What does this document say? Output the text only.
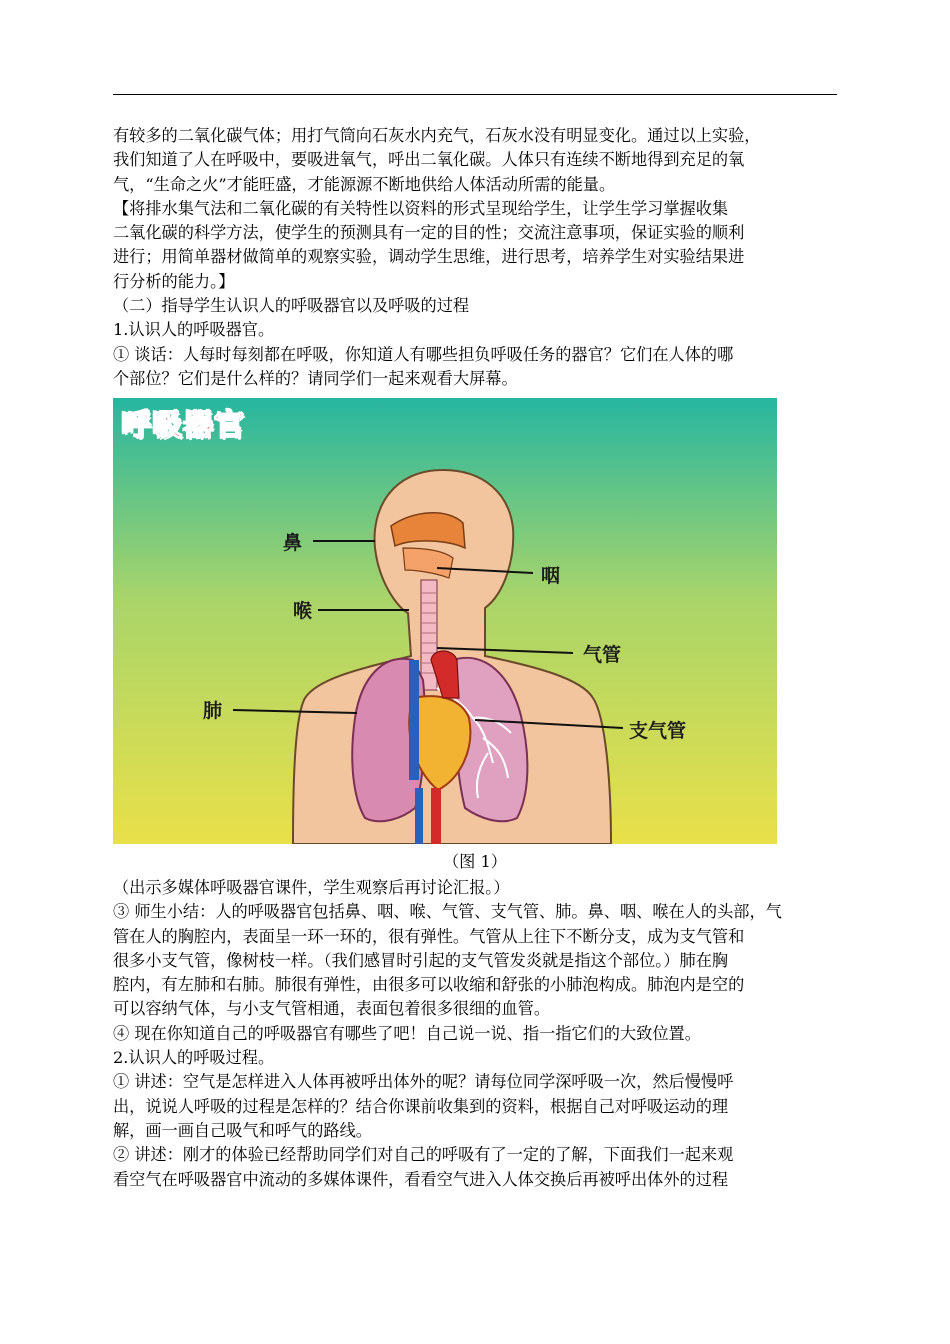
有较多的二氧化碳气体；用打气筒向石灰水内充气，石灰水没有明显变化。通过以上实验，
我们知道了人在呼吸中，要吸进氧气，呼出二氧化碳。人体只有连续不断地得到充足的氧
气，“生命之火”才能旺盛，才能源源不断地供给人体活动所需的能量。
【将排水集气法和二氧化碳的有关特性以资料的形式呈现给学生，让学生学习掌握收集
二氧化碳的科学方法，使学生的预测具有一定的目的性；交流注意事项，保证实验的顺利
进行；用简单器材做简单的观察实验，调动学生思维，进行思考，培养学生对实验结果进
行分析的能力。】
（二）指导学生认识人的呼吸器官以及呼吸的过程
1.认识人的呼吸器官。
① 谈话：人每时每刻都在呼吸，你知道人有哪些担负呼吸任务的器官？它们在人体的哪
个部位？它们是什么样的？请同学们一起来观看大屏幕。
呼吸器官
鼻
咽
喉
气管
肺
支气管
（图 1）
（出示多媒体呼吸器官课件，学生观察后再讨论汇报。）
③ 师生小结：人的呼吸器官包括鼻、咽、喉、气管、支气管、肺。鼻、咽、喉在人的头部，气
管在人的胸腔内，表面呈一环一环的，很有弹性。气管从上往下不断分支，成为支气管和
很多小支气管，像树枝一样。（我们感冒时引起的支气管发炎就是指这个部位。）肺在胸
腔内，有左肺和右肺。肺很有弹性，由很多可以收缩和舒张的小肺泡构成。肺泡内是空的
可以容纳气体，与小支气管相通，表面包着很多很细的血管。
④ 现在你知道自己的呼吸器官有哪些了吧！自己说一说、指一指它们的大致位置。
2.认识人的呼吸过程。
① 讲述：空气是怎样进入人体再被呼出体外的呢？请每位同学深呼吸一次，然后慢慢呼
出，说说人呼吸的过程是怎样的？结合你课前收集到的资料，根据自己对呼吸运动的理
解，画一画自己吸气和呼气的路线。
② 讲述：刚才的体验已经帮助同学们对自己的呼吸有了一定的了解，下面我们一起来观
看空气在呼吸器官中流动的多媒体课件，看看空气进入人体交换后再被呼出体外的过程
